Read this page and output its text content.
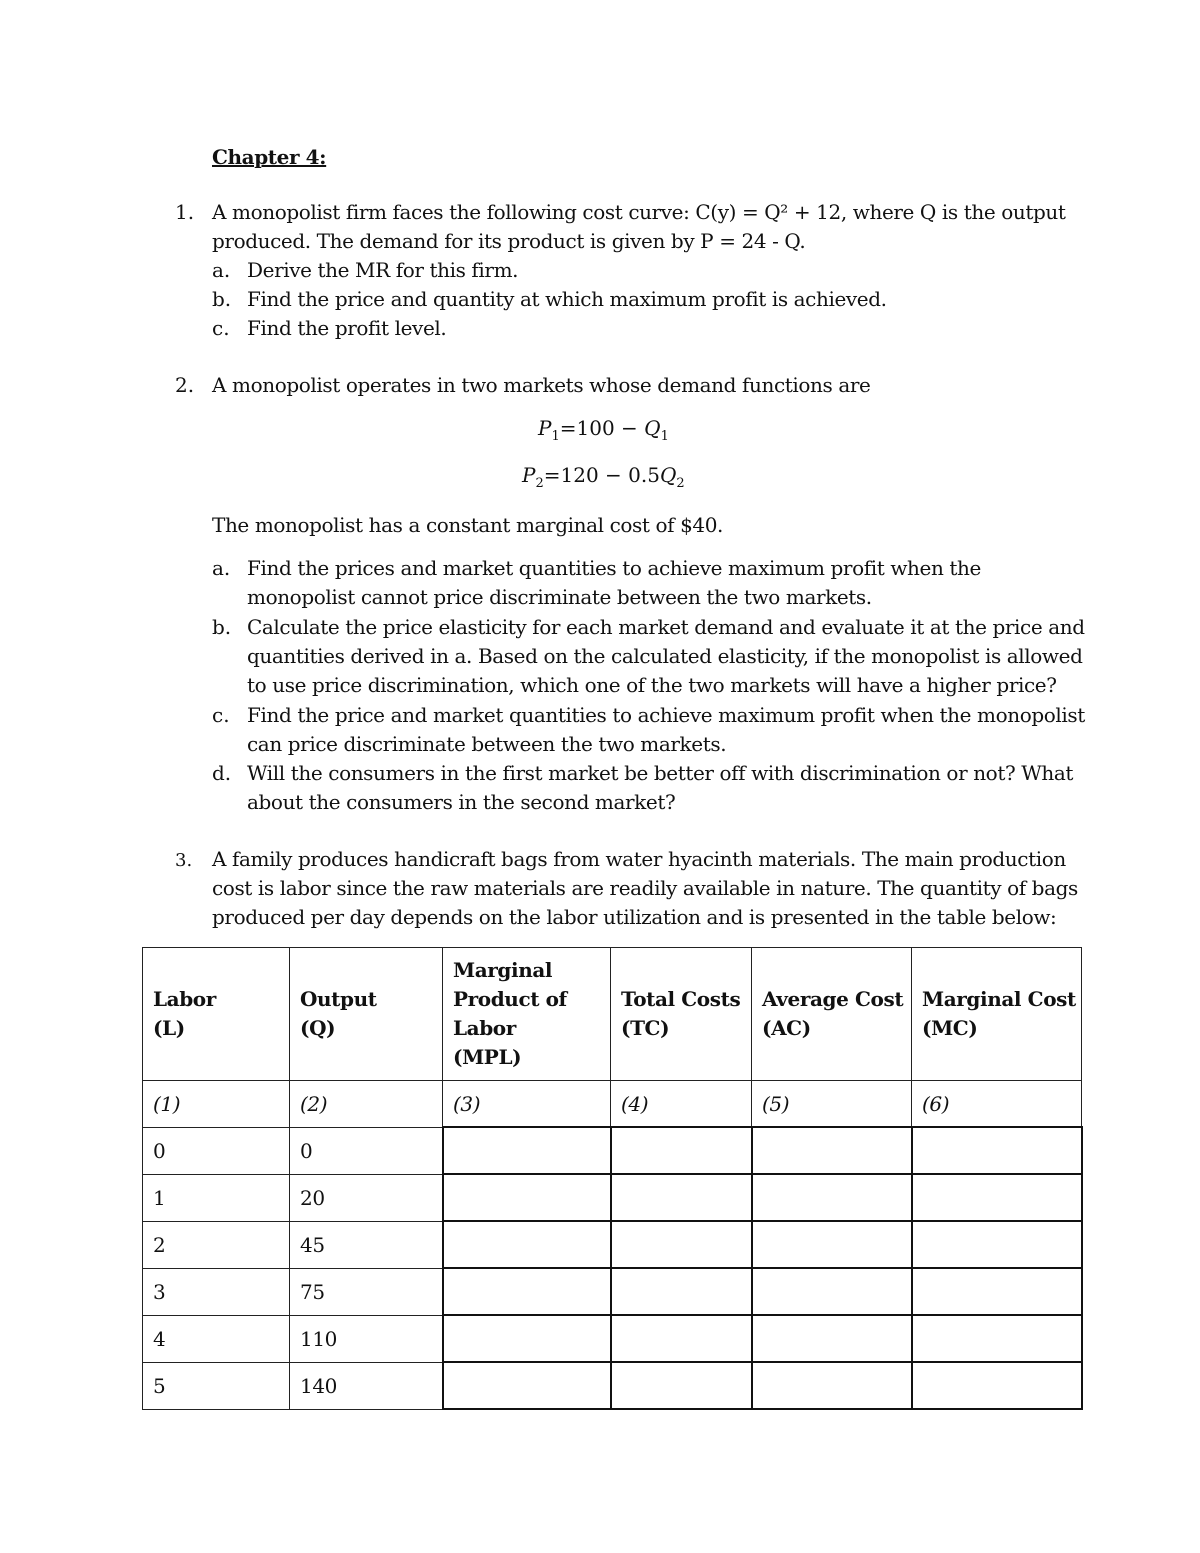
Chapter 4:
1. A monopolist firm faces the following cost curve: C(y) = Q² + 12, where Q is the output
produced. The demand for its product is given by P = 24 - Q.
a. Derive the MR for this firm.
b. Find the price and quantity at which maximum profit is achieved.
c. Find the profit level.
2. A monopolist operates in two markets whose demand functions are
$P_1=100 - Q_1$
$P_2=120 - 0.5Q_2$
The monopolist has a constant marginal cost of $40.
a. Find the prices and market quantities to achieve maximum profit when the
monopolist cannot price discriminate between the two markets.
b. Calculate the price elasticity for each market demand and evaluate it at the price and
quantities derived in a. Based on the calculated elasticity, if the monopolist is allowed
to use price discrimination, which one of the two markets will have a higher price?
c. Find the price and market quantities to achieve maximum profit when the monopolist
can price discriminate between the two markets.
d. Will the consumers in the first market be better off with discrimination or not? What
about the consumers in the second market?
3. A family produces handicraft bags from water hyacinth materials. The main production
cost is labor since the raw materials are readily available in nature. The quantity of bags
produced per day depends on the labor utilization and is presented in the table below:
Labor
(L)	Output
(Q)	Marginal
Product of
Labor
(MPL)	Total Costs
(TC)	Average Cost
(AC)	Marginal Cost
(MC)
(1)	(2)	(3)	(4)	(5)	(6)
0	0				
1	20				
2	45				
3	75				
4	110				
5	140				
